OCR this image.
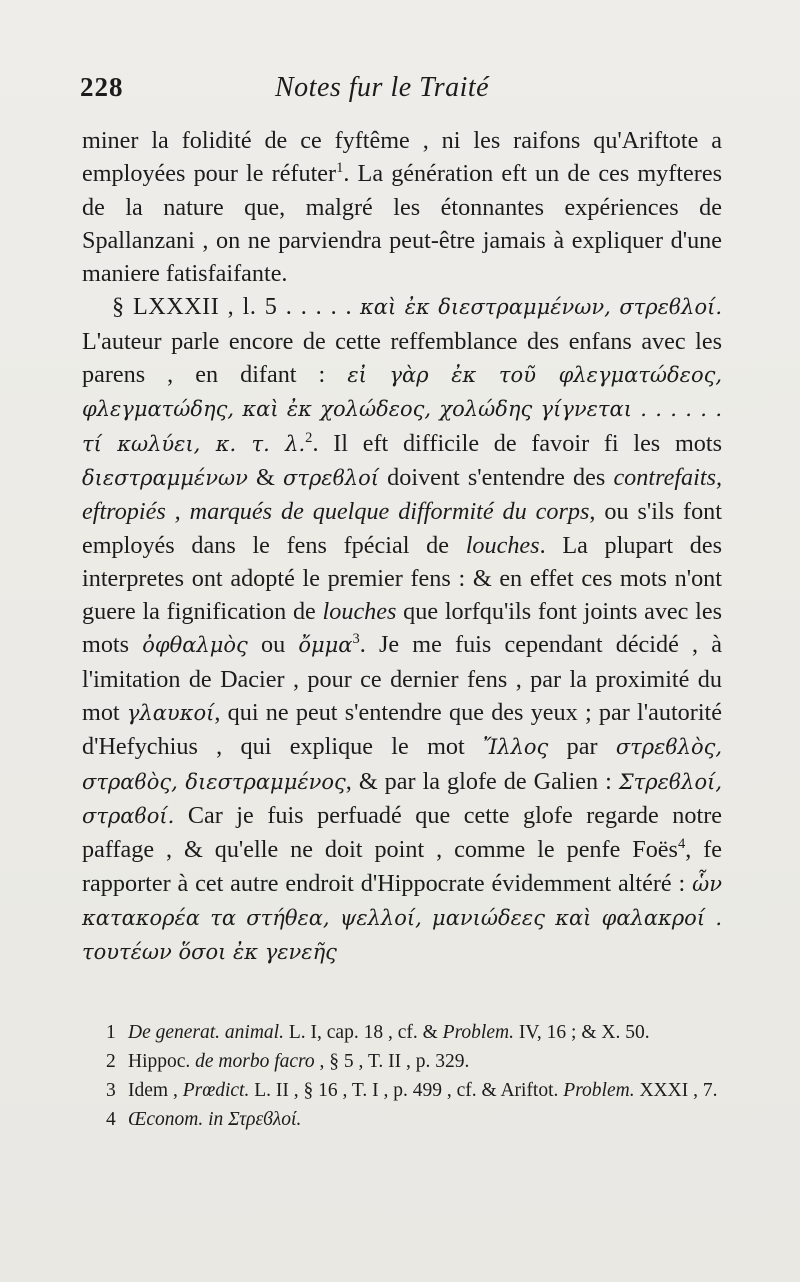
228	Notes fur le Traité

miner la folidité de ce fyftême , ni les raifons qu'Ariftote a employées pour le réfuter$^1$. La génération eft un de ces myfteres de la nature que, malgré les étonnantes expériences de Spallanzani , on ne parviendra peut-être jamais à expliquer d'une maniere fatisfaifante.

§ LXXXII , l. 5 . . . . . καὶ ἐκ διεστραμμένων, στρεϐλοί. L'auteur parle encore de cette reffemblance des enfans avec les parens , en difant : εἰ γὰρ ἐκ τοῦ φλεγματώδεος, φλεγματώδης, καὶ ἐκ χολώδεος, χολώδης γίγνεται . . . . . . τί κωλύει, κ. τ. λ.$^2$. Il eft difficile de favoir fi les mots διεστραμμένων & στρεϐλοί doivent s'entendre des contrefaits, eftropiés , marqués de quelque difformité du corps, ou s'ils font employés dans le fens fpécial de louches. La plupart des interpretes ont adopté le premier fens : & en effet ces mots n'ont guere la fignification de louches que lorfqu'ils font joints avec les mots ὀφθαλμὸς ou ὄμμα$^3$. Je me fuis cependant décidé , à l'imitation de Dacier , pour ce dernier fens , par la proximité du mot γλαυκοί, qui ne peut s'entendre que des yeux ; par l'autorité d'Hefychius , qui explique le mot Ἴλλος par στρεϐλὸς, στραϐὸς, διεστραμμένος, & par la glofe de Galien : Στρεϐλοί, στραϐοί. Car je fuis perfuadé que cette glofe regarde notre paffage , & qu'elle ne doit point , comme le penfe Foës$^4$, fe rapporter à cet autre endroit d'Hippocrate évidemment altéré : ὧν κατακορέα τα στήθεα, ψελλοί, μανιώδεες καὶ φαλακροί . τουτέων ὅσοι ἐκ γενεῆς

1 De generat. animal. L. I, cap. 18 , cf. & Problem. IV, 16 ; & X. 50.

2 Hippoc. de morbo facro , § 5 , T. II , p. 329.

3 Idem , Prœdict. L. II , § 16 , T. I , p. 499 , cf. & Ariftot. Problem. XXXI , 7.

4 Œconom. in Στρεϐλοί.
